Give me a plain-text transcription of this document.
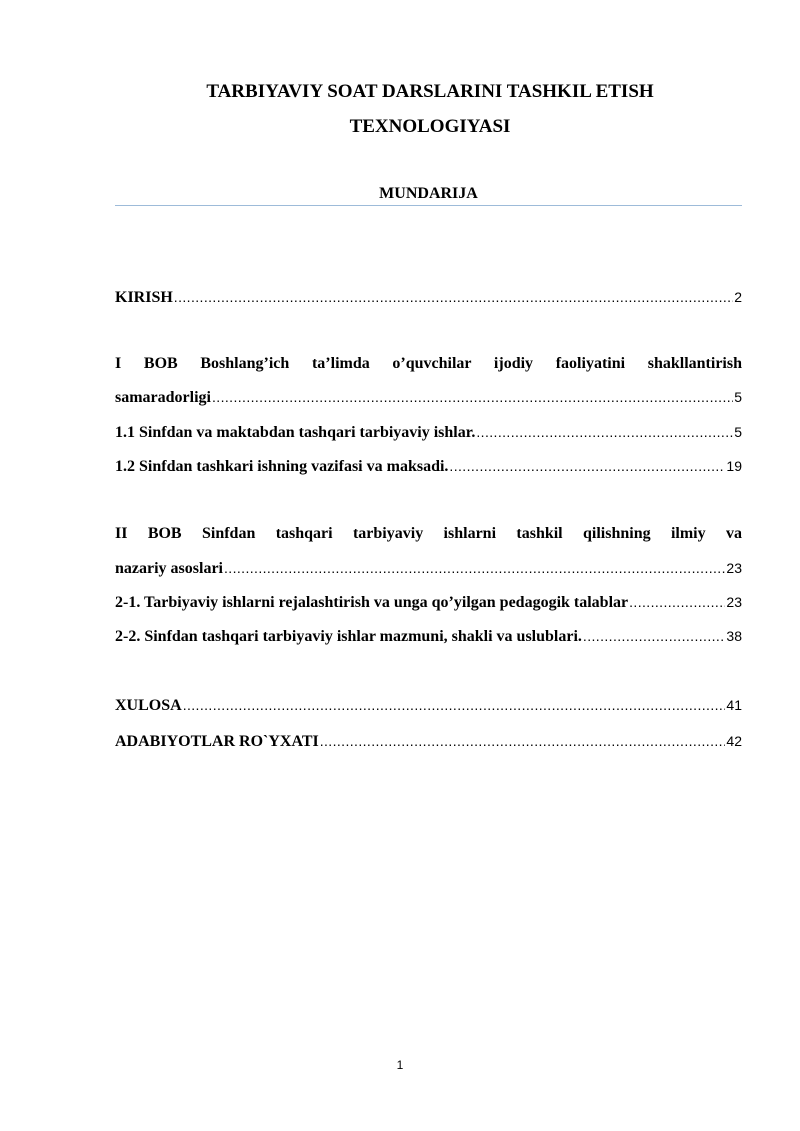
TARBIYAVIY SOAT DARSLARINI TASHKIL ETISH
TEXNOLOGIYASI
MUNDARIJA
KIRISH .....	2
I BOB Boshlang’ich ta’limda o’quvchilar ijodiy faoliyatini shakllantirish
samaradorligi .....	5
1.1 Sinfdan va maktabdan tashqari tarbiyaviy ishlar. .....	5
1.2 Sinfdan tashkari ishning vazifasi va maksadi. .....	19
II BOB Sinfdan tashqari tarbiyaviy ishlarni tashkil qilishning ilmiy va
nazariy asoslari .....	23
2-1. Tarbiyaviy ishlarni rejalashtirish va unga qo’yilgan pedagogik talablar .....	23
2-2. Sinfdan tashqari tarbiyaviy ishlar mazmuni, shakli va uslublari. .....	38
XULOSA .....	41
ADABIYOTLAR RO`YXATI .....	42
1
